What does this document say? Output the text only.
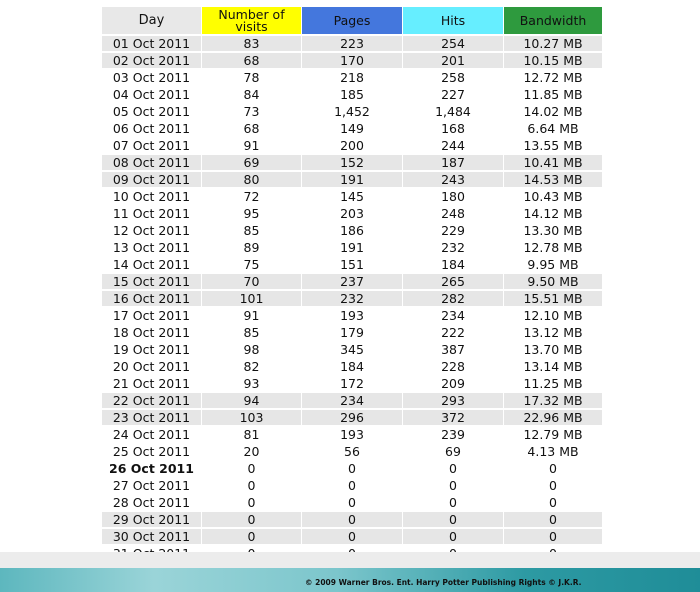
Day	Number of visits	Pages	Hits	Bandwidth
01 Oct 2011	83	223	254	10.27 MB
02 Oct 2011	68	170	201	10.15 MB
03 Oct 2011	78	218	258	12.72 MB
04 Oct 2011	84	185	227	11.85 MB
05 Oct 2011	73	1,452	1,484	14.02 MB
06 Oct 2011	68	149	168	6.64 MB
07 Oct 2011	91	200	244	13.55 MB
08 Oct 2011	69	152	187	10.41 MB
09 Oct 2011	80	191	243	14.53 MB
10 Oct 2011	72	145	180	10.43 MB
11 Oct 2011	95	203	248	14.12 MB
12 Oct 2011	85	186	229	13.30 MB
13 Oct 2011	89	191	232	12.78 MB
14 Oct 2011	75	151	184	9.95 MB
15 Oct 2011	70	237	265	9.50 MB
16 Oct 2011	101	232	282	15.51 MB
17 Oct 2011	91	193	234	12.10 MB
18 Oct 2011	85	179	222	13.12 MB
19 Oct 2011	98	345	387	13.70 MB
20 Oct 2011	82	184	228	13.14 MB
21 Oct 2011	93	172	209	11.25 MB
22 Oct 2011	94	234	293	17.32 MB
23 Oct 2011	103	296	372	22.96 MB
24 Oct 2011	81	193	239	12.79 MB
25 Oct 2011	20	56	69	4.13 MB
26 Oct 2011	0	0	0	0
27 Oct 2011	0	0	0	0
28 Oct 2011	0	0	0	0
29 Oct 2011	0	0	0	0
30 Oct 2011	0	0	0	0

© 2009 Warner Bros. Ent. Harry Potter Publishing Rights © J.K.R.
